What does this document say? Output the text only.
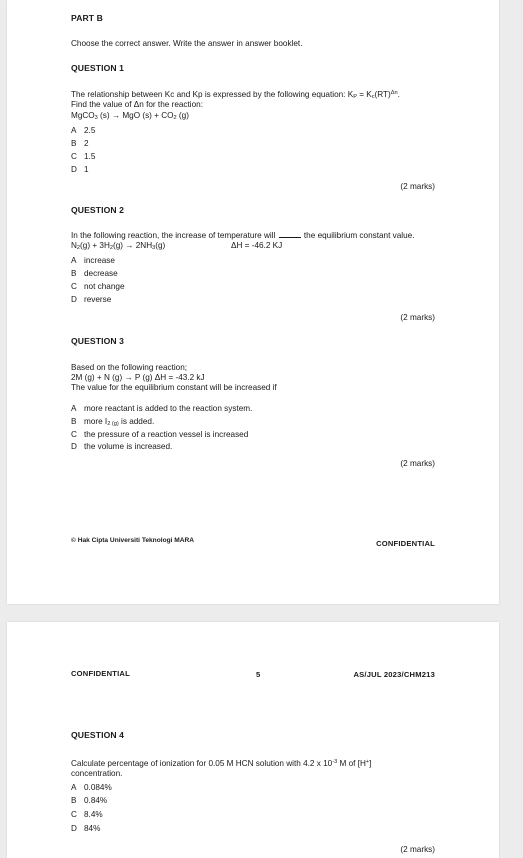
PART B
Choose the correct answer. Write the answer in answer booklet.
QUESTION 1
The relationship between Kc and Kp is expressed by the following equation: $K_P = K_c(RT)^{\Delta n}$.
Find the value of Δn for the reaction:
MgCO$_3$ (s) → MgO $(s) + CO_2$ (g)
A 2.5
B 2
C 1.5
D 1
(2 marks)
QUESTION 2
In the following reaction, the increase of temperature will	the equilibrium constant value.
$N_2(g) + 3H_2(g) \to 2NH_3(g)$	ΔH = -46.2 KJ
A increase
B decrease
C not change
D reverse
(2 marks)
QUESTION 3
Based on the following reaction;
2M (g) + N (g) → P (g) ΔH = -43.2 kJ
The value for the equilibrium constant will be increased if
A more reactant is added to the reaction system.
B more $I_{2 (g)}$ is added.
C the pressure of a reaction vessel is increased
D the volume is increased.
(2 marks)
© Hak Cipta Universiti Teknologi MARA	CONFIDENTIAL
CONFIDENTIAL	5	AS/JUL 2023/CHM213
QUESTION 4
Calculate percentage of ionization for 0.05 M HCN solution with 4.2 x $10^{-3}$ M of [H+]
concentration.
A 0.084%
B 0.84%
C 8.4%
D 84%
(2 marks)
